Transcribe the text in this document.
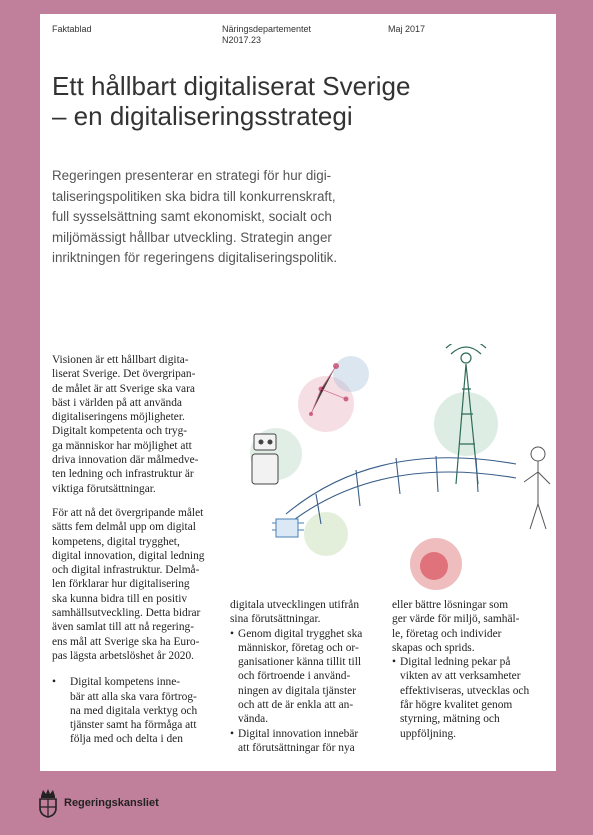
Faktablad	Näringsdepartementet
N2017.23
Maj 2017
Ett hållbart digitaliserat Sverige
– en digitaliseringsstrategi
Regeringen presenterar en strategi för hur digi-
taliseringspolitiken ska bidra till konkurrenskraft,
full sysselsättning samt ekonomiskt, socialt och
miljömässigt hållbar utveckling. Strategin anger
inriktningen för regeringens digitaliseringspolitik.
Visionen är ett hållbart digita-
liserat Sverige. Det övergripan-
de målet är att Sverige ska vara
bäst i världen på att använda
digitaliseringens möjligheter.
Digitalt kompetenta och tryg-
ga människor har möjlighet att
driva innovation där målmedve-
ten ledning och infrastruktur är
viktiga förutsättningar.
För att nå det övergripande målet
sätts fem delmål upp om digital
kompetens, digital trygghet,
digital innovation, digital ledning
och digital infrastruktur. Delmå-
len förklarar hur digitalisering
ska kunna bidra till en positiv
samhällsutveckling. Detta bidrar
även samlat till att nå regering-
ens mål att Sverige ska ha Euro-
pas lägsta arbetslöshet år 2020.
• Digital kompetens inne-
bär att alla ska vara förtrog-
na med digitala verktyg och
tjänster samt ha förmåga att
följa med och delta i den
digitala utvecklingen utifrån
sina förutsättningar.
• Genom digital trygghet ska
människor, företag och or-
ganisationer känna tillit till
och förtroende i använd-
ningen av digitala tjänster
och att de är enkla att an-
vända.
• Digital innovation innebär
att förutsättningar för nya
eller bättre lösningar som
ger värde för miljö, samhäl-
le, företag och individer
skapas och sprids.
• Digital ledning pekar på
vikten av att verksamheter
effektiviseras, utvecklas och
får högre kvalitet genom
styrning, mätning och
uppföljning.
Regeringskansliet
